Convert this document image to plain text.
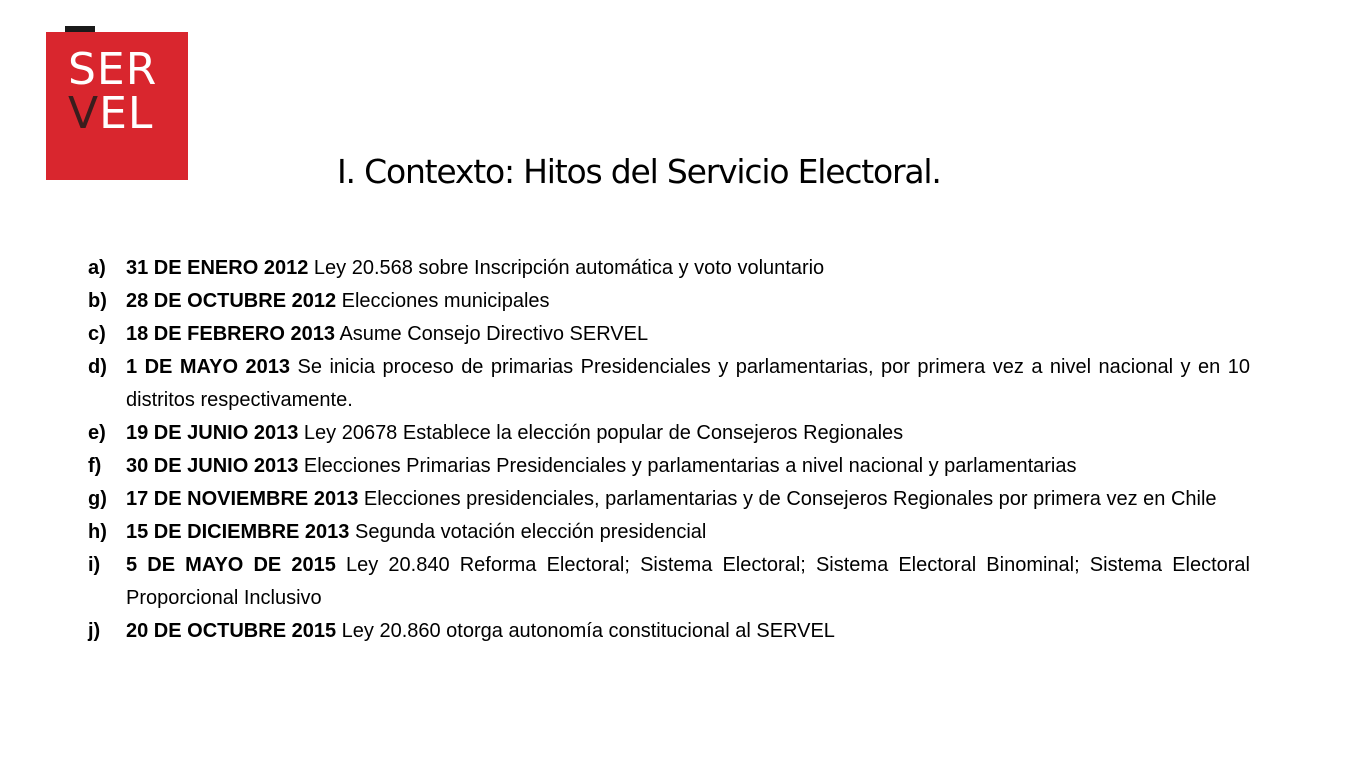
SER
VEL
I. Contexto: Hitos del Servicio Electoral.
a) 31 DE ENERO 2012 Ley 20.568 sobre Inscripción automática y voto voluntario
b) 28 DE OCTUBRE 2012 Elecciones municipales
c) 18 DE FEBRERO 2013 Asume Consejo Directivo SERVEL
d) 1 DE MAYO 2013 Se inicia proceso de primarias Presidenciales y parlamentarias, por primera vez a nivel nacional y en 10 distritos respectivamente.
e) 19 DE JUNIO 2013 Ley 20678 Establece la elección popular de Consejeros Regionales
f) 30 DE JUNIO 2013 Elecciones Primarias Presidenciales y parlamentarias a nivel nacional y parlamentarias
g) 17 DE NOVIEMBRE 2013 Elecciones presidenciales, parlamentarias y de Consejeros Regionales por primera vez en Chile
h) 15 DE DICIEMBRE 2013 Segunda votación elección presidencial
i) 5 DE MAYO DE 2015 Ley 20.840 Reforma Electoral; Sistema Electoral; Sistema Electoral Binominal; Sistema Electoral Proporcional Inclusivo
j) 20 DE OCTUBRE 2015 Ley 20.860 otorga autonomía constitucional al SERVEL
